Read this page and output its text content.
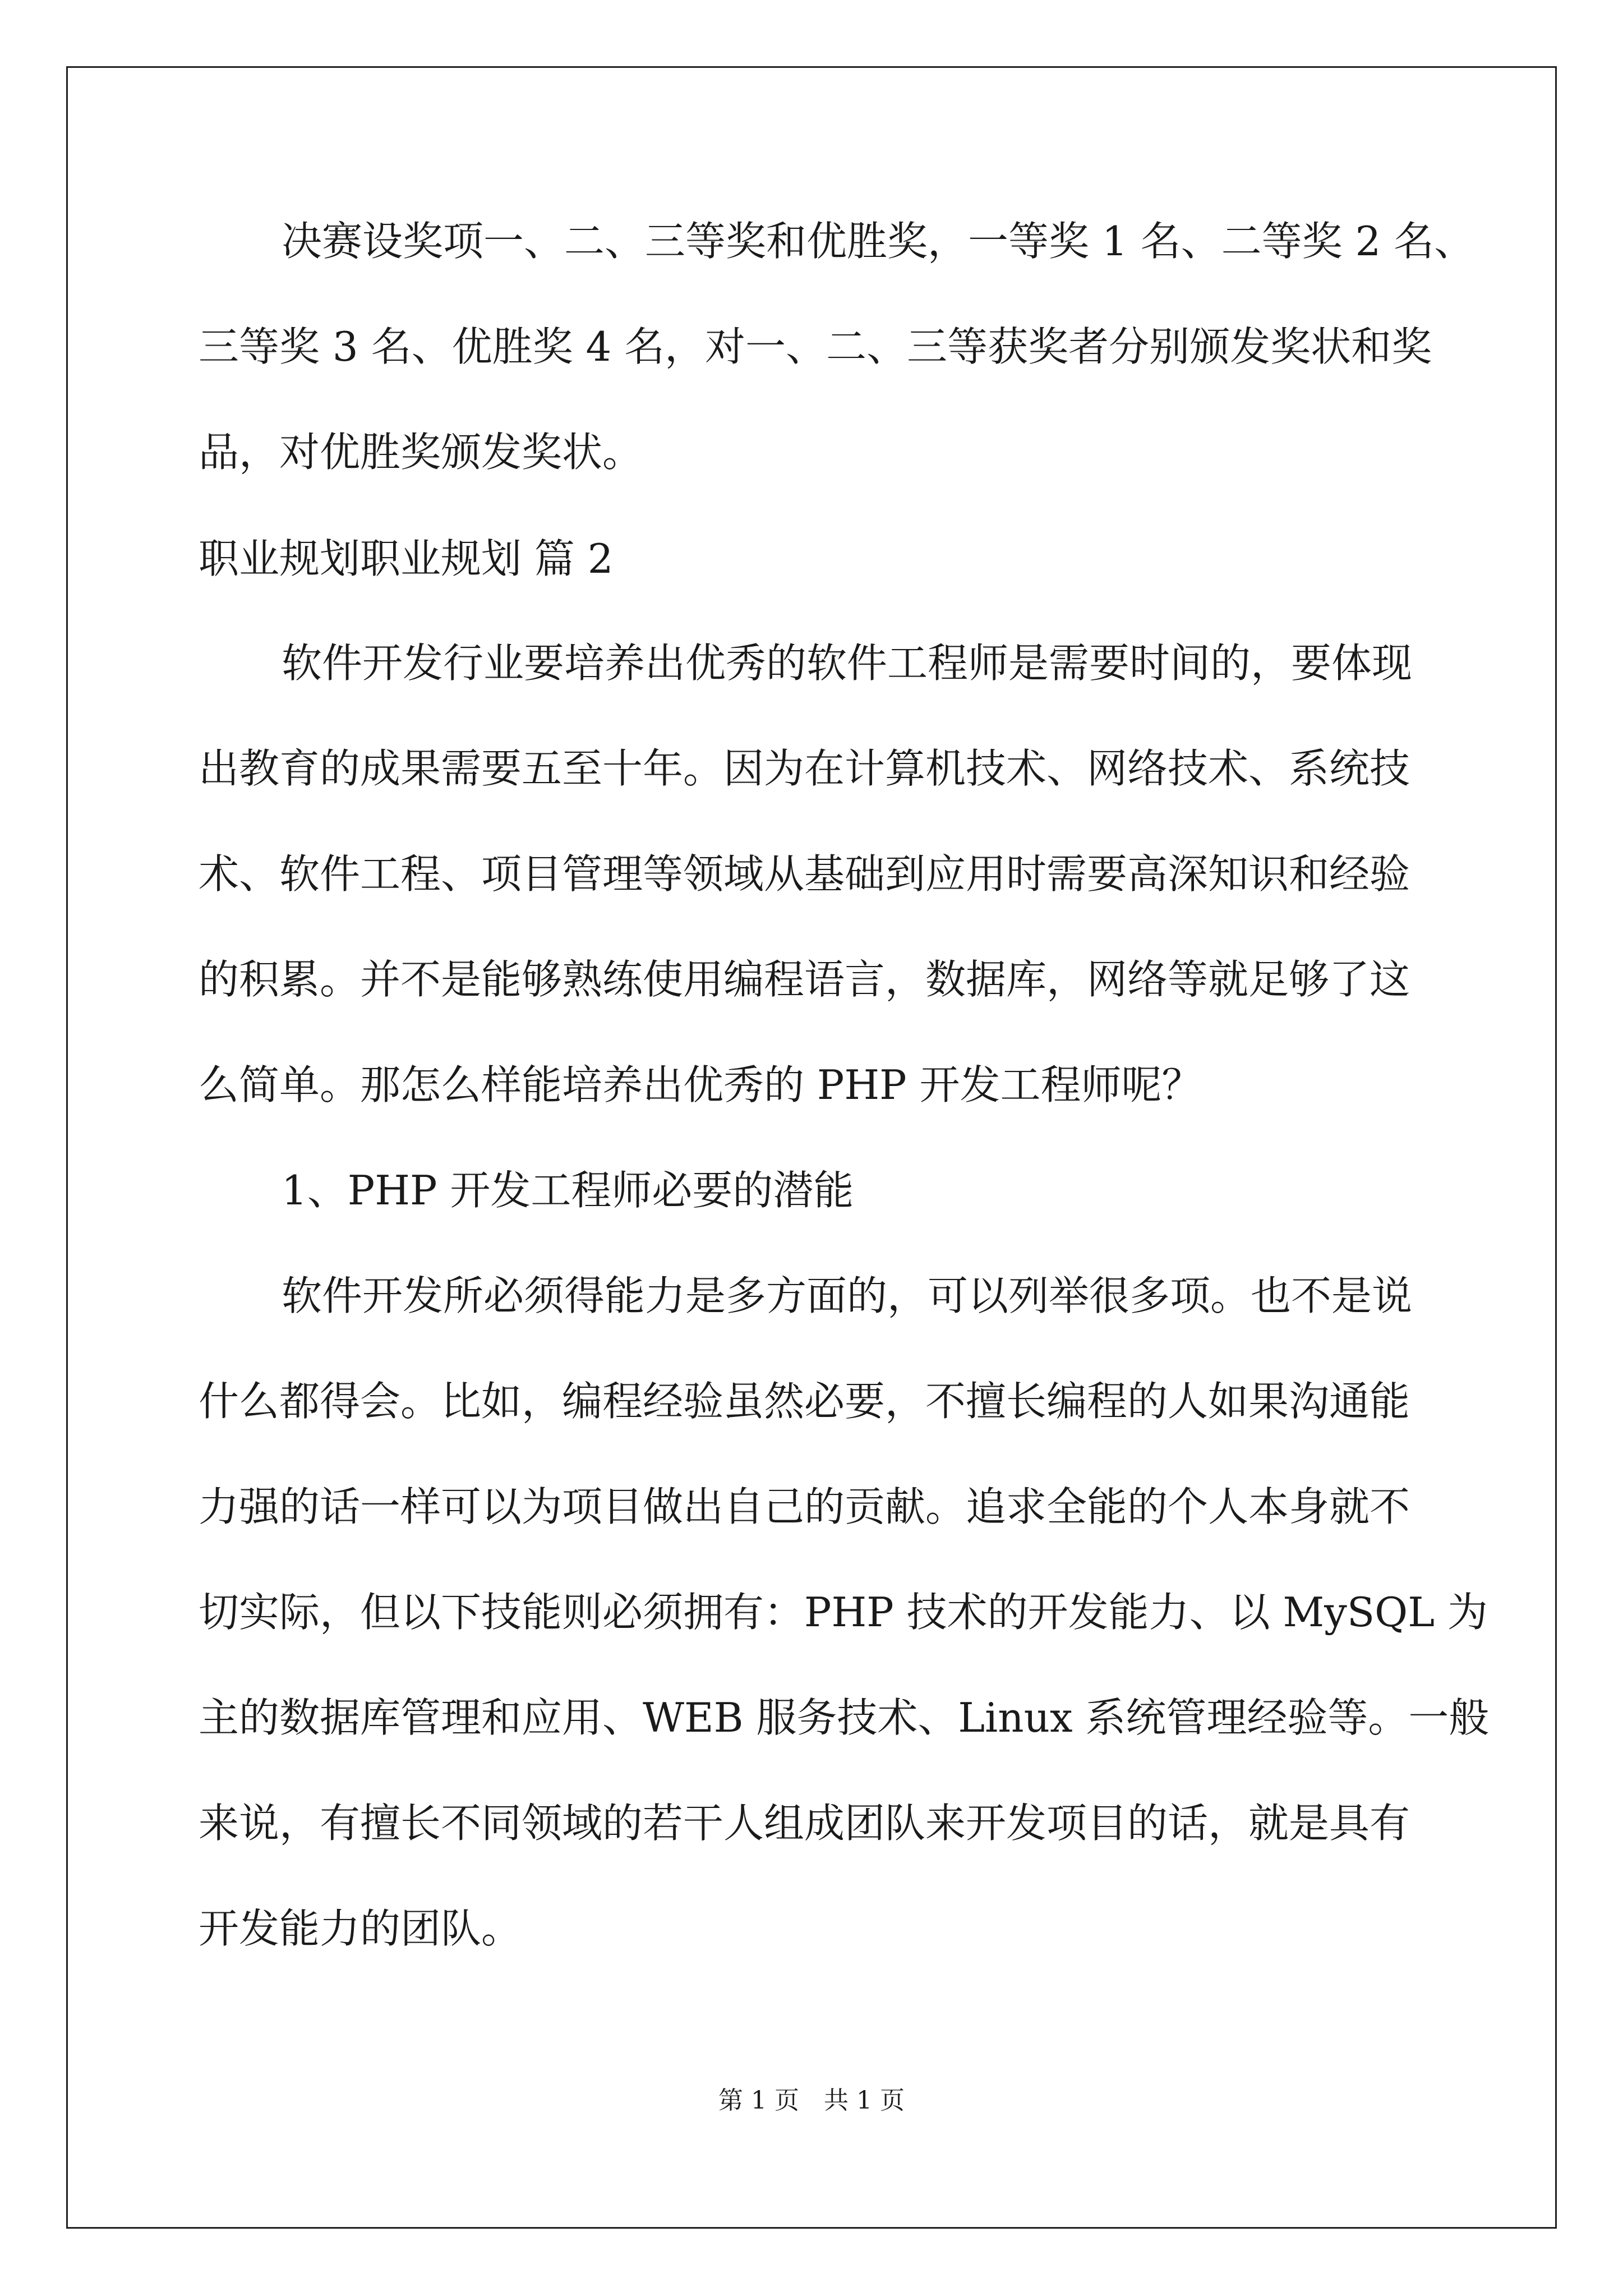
决赛设奖项一、二、三等奖和优胜奖，一等奖 1 名、二等奖 2 名、
三等奖 3 名、优胜奖 4 名，对一、二、三等获奖者分别颁发奖状和奖
品，对优胜奖颁发奖状。
职业规划职业规划 篇 2
软件开发行业要培养出优秀的软件工程师是需要时间的，要体现
出教育的成果需要五至十年。因为在计算机技术、网络技术、系统技
术、软件工程、项目管理等领域从基础到应用时需要高深知识和经验
的积累。并不是能够熟练使用编程语言，数据库，网络等就足够了这
么简单。那怎么样能培养出优秀的 PHP 开发工程师呢？
1、PHP 开发工程师必要的潜能
软件开发所必须得能力是多方面的，可以列举很多项。也不是说
什么都得会。比如，编程经验虽然必要，不擅长编程的人如果沟通能
力强的话一样可以为项目做出自己的贡献。追求全能的个人本身就不
切实际，但以下技能则必须拥有：PHP 技术的开发能力、以 MySQL 为
主的数据库管理和应用、WEB 服务技术、Linux 系统管理经验等。一般
来说，有擅长不同领域的若干人组成团队来开发项目的话，就是具有
开发能力的团队。
第 1 页　共 1 页
